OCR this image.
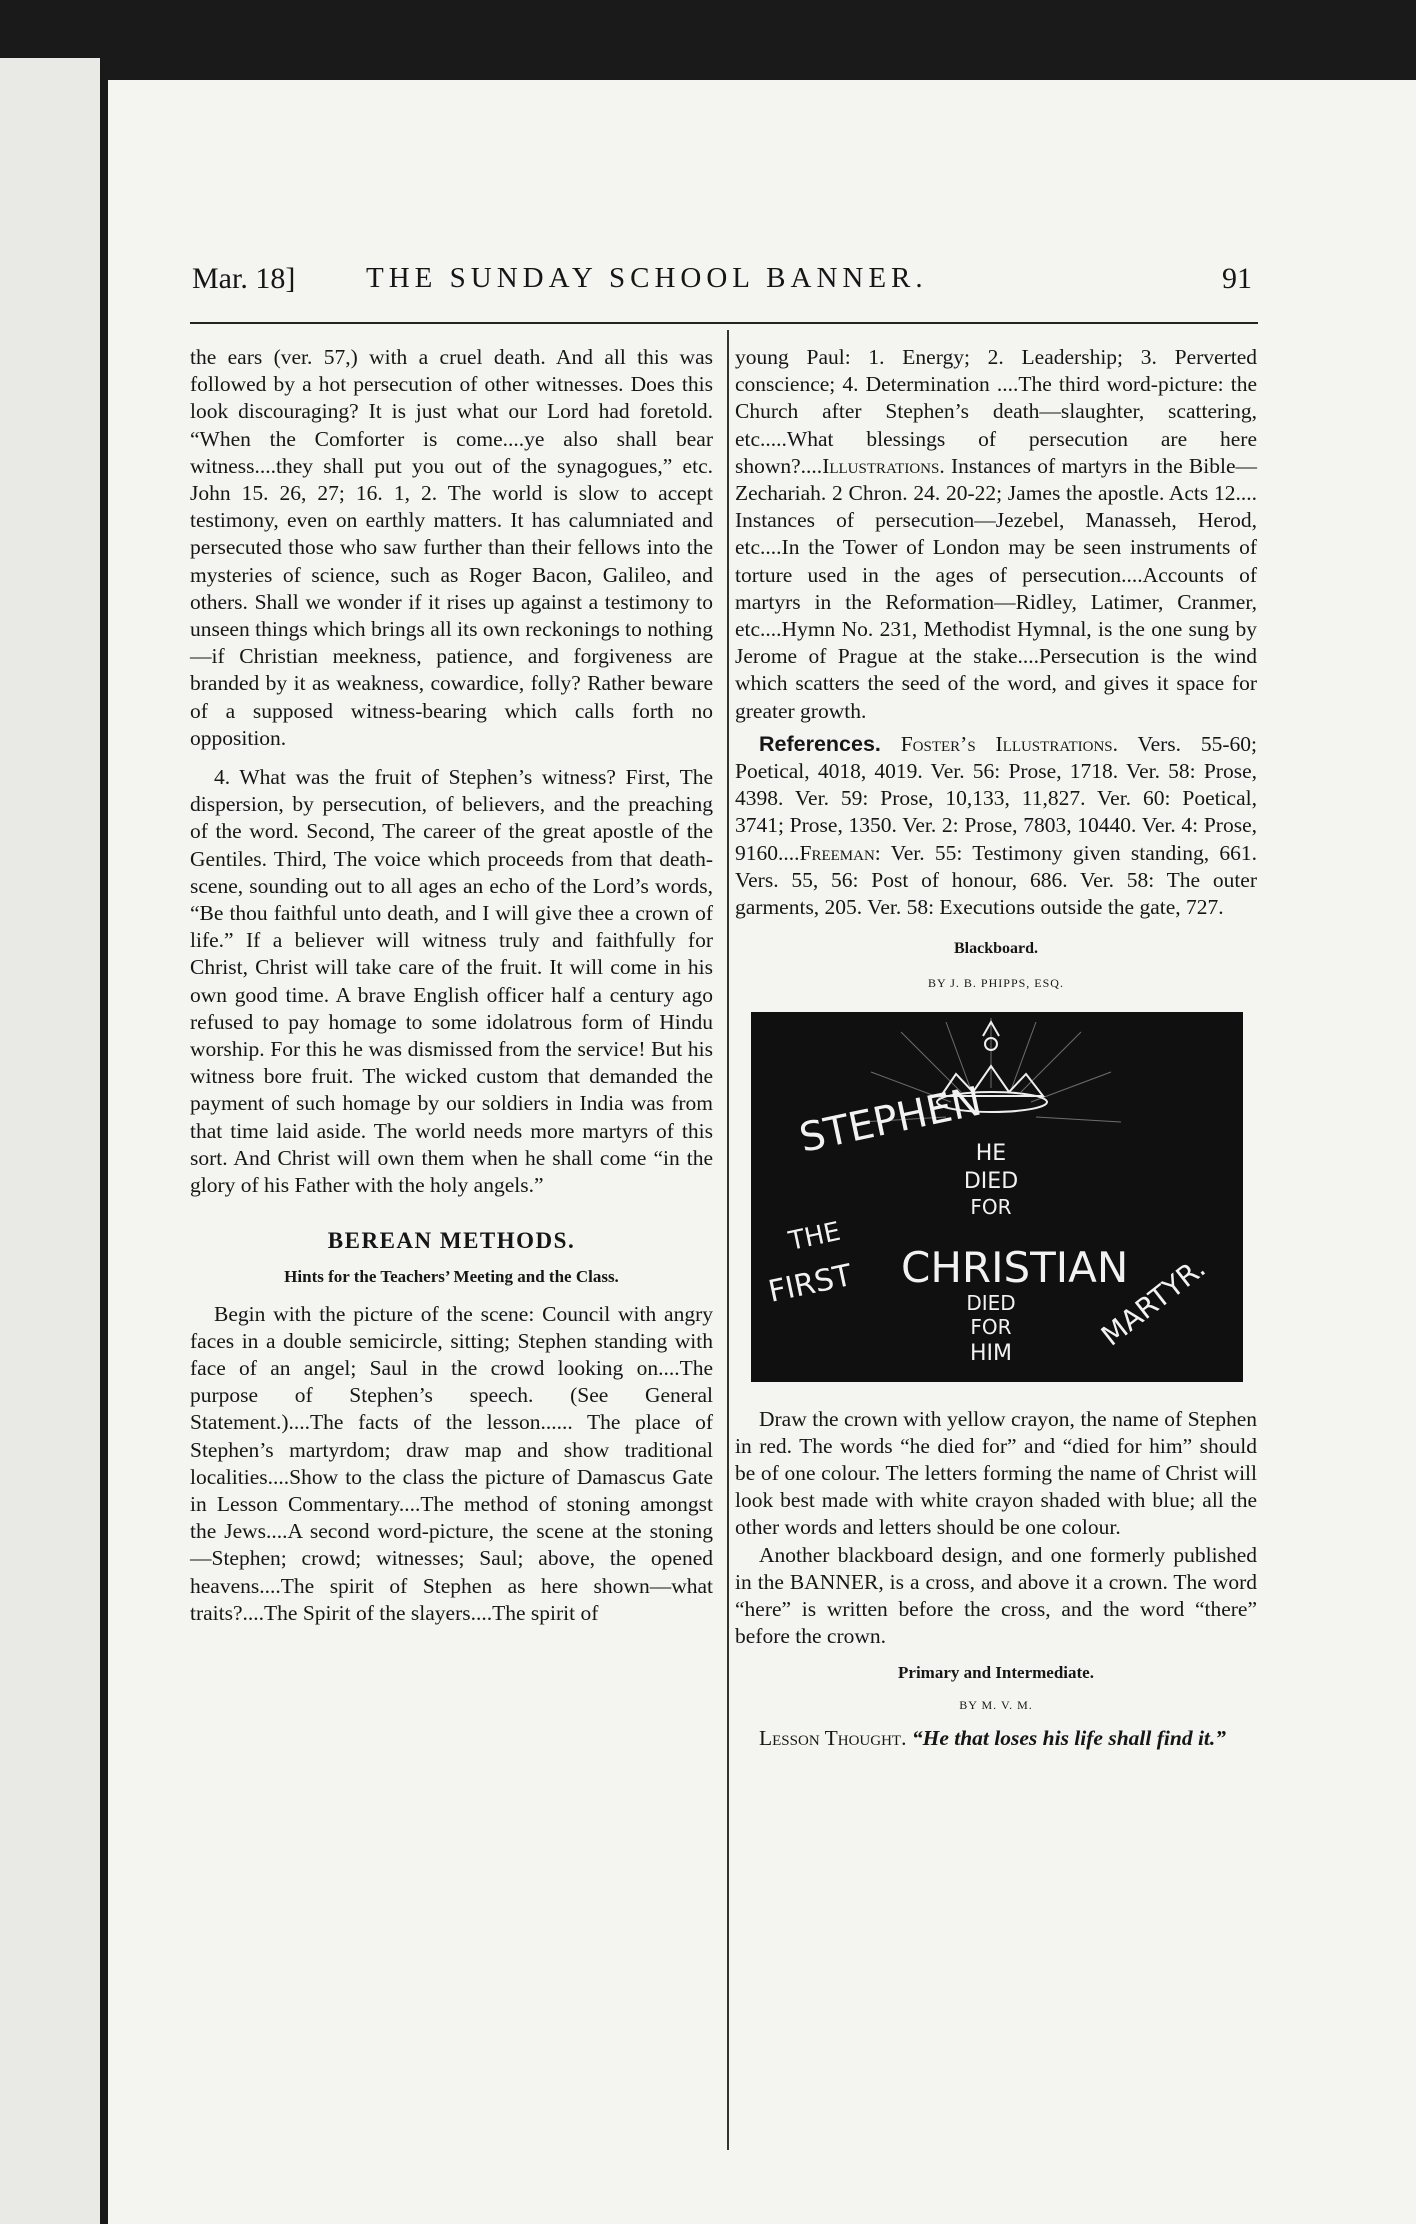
Mar. 18] THE SUNDAY SCHOOL BANNER.	91

the ears (ver. 57,) with a cruel death. And all this was followed by a hot persecution of other witnesses. Does this look discouraging? It is just what our Lord had foretold. “When the Comforter is come....ye also shall bear witness....they shall put you out of the synagogues,” etc. John 15. 26, 27; 16. 1, 2. The world is slow to accept testimony, even on earthly matters. It has calumniated and persecuted those who saw further than their fellows into the mysteries of science, such as Roger Bacon, Galileo, and others. Shall we wonder if it rises up against a testimony to unseen things which brings all its own reckonings to nothing—if Christian meekness, patience, and forgiveness are branded by it as weakness, cowardice, folly? Rather beware of a supposed witness-bearing which calls forth no opposition.

4. What was the fruit of Stephen’s witness? First, The dispersion, by persecution, of believers, and the preaching of the word. Second, The career of the great apostle of the Gentiles. Third, The voice which proceeds from that death-scene, sounding out to all ages an echo of the Lord’s words, “Be thou faithful unto death, and I will give thee a crown of life.” If a believer will witness truly and faithfully for Christ, Christ will take care of the fruit. It will come in his own good time. A brave English officer half a century ago refused to pay homage to some idolatrous form of Hindu worship. For this he was dismissed from the service! But his witness bore fruit. The wicked custom that demanded the payment of such homage by our soldiers in India was from that time laid aside. The world needs more martyrs of this sort. And Christ will own them when he shall come “in the glory of his Father with the holy angels.”

BEREAN METHODS.
Hints for the Teachers’ Meeting and the Class.

Begin with the picture of the scene: Council with angry faces in a double semicircle, sitting; Stephen standing with face of an angel; Saul in the crowd looking on....The purpose of Stephen’s speech. (See General Statement.)....The facts of the lesson...... The place of Stephen’s martyrdom; draw map and show traditional localities....Show to the class the picture of Damascus Gate in Lesson Commentary....The method of stoning amongst the Jews....A second word-picture, the scene at the stoning—Stephen; crowd; witnesses; Saul; above, the opened heavens....The spirit of Stephen as here shown—what traits?....The Spirit of the slayers....The spirit of

young Paul: 1. Energy; 2. Leadership; 3. Perverted conscience; 4. Determination ....The third word-picture: the Church after Stephen’s death—slaughter, scattering, etc.....What blessings of persecution are here shown?....Illustrations. Instances of martyrs in the Bible—Zechariah. 2 Chron. 24. 20-22; James the apostle. Acts 12.... Instances of persecution—Jezebel, Manasseh, Herod, etc....In the Tower of London may be seen instruments of torture used in the ages of persecution....Accounts of martyrs in the Reformation—Ridley, Latimer, Cranmer, etc....Hymn No. 231, Methodist Hymnal, is the one sung by Jerome of Prague at the stake....Persecution is the wind which scatters the seed of the word, and gives it space for greater growth.

References. Foster’s Illustrations. Vers. 55-60; Poetical, 4018, 4019. Ver. 56: Prose, 1718. Ver. 58: Prose, 4398. Ver. 59: Prose, 10,133, 11,827. Ver. 60: Poetical, 3741; Prose, 1350. Ver. 2: Prose, 7803, 10440. Ver. 4: Prose, 9160....Freeman: Ver. 55: Testimony given standing, 661. Vers. 55, 56: Post of honour, 686. Ver. 58: The outer garments, 205. Ver. 58: Executions outside the gate, 727.

Blackboard.
BY J. B. PHIPPS, ESQ.
STEPHEN
HE
DIED
FOR
THE
FIRST CHRISTIAN
DIED
FOR
HIM
MARTYR.

Draw the crown with yellow crayon, the name of Stephen in red. The words “he died for” and “died for him” should be of one colour. The letters forming the name of Christ will look best made with white crayon shaded with blue; all the other words and letters should be one colour.

Another blackboard design, and one formerly published in the BANNER, is a cross, and above it a crown. The word “here” is written before the cross, and the word “there” before the crown.

Primary and Intermediate.
BY M. V. M.

Lesson Thought. “He that loses his life shall find it.”
